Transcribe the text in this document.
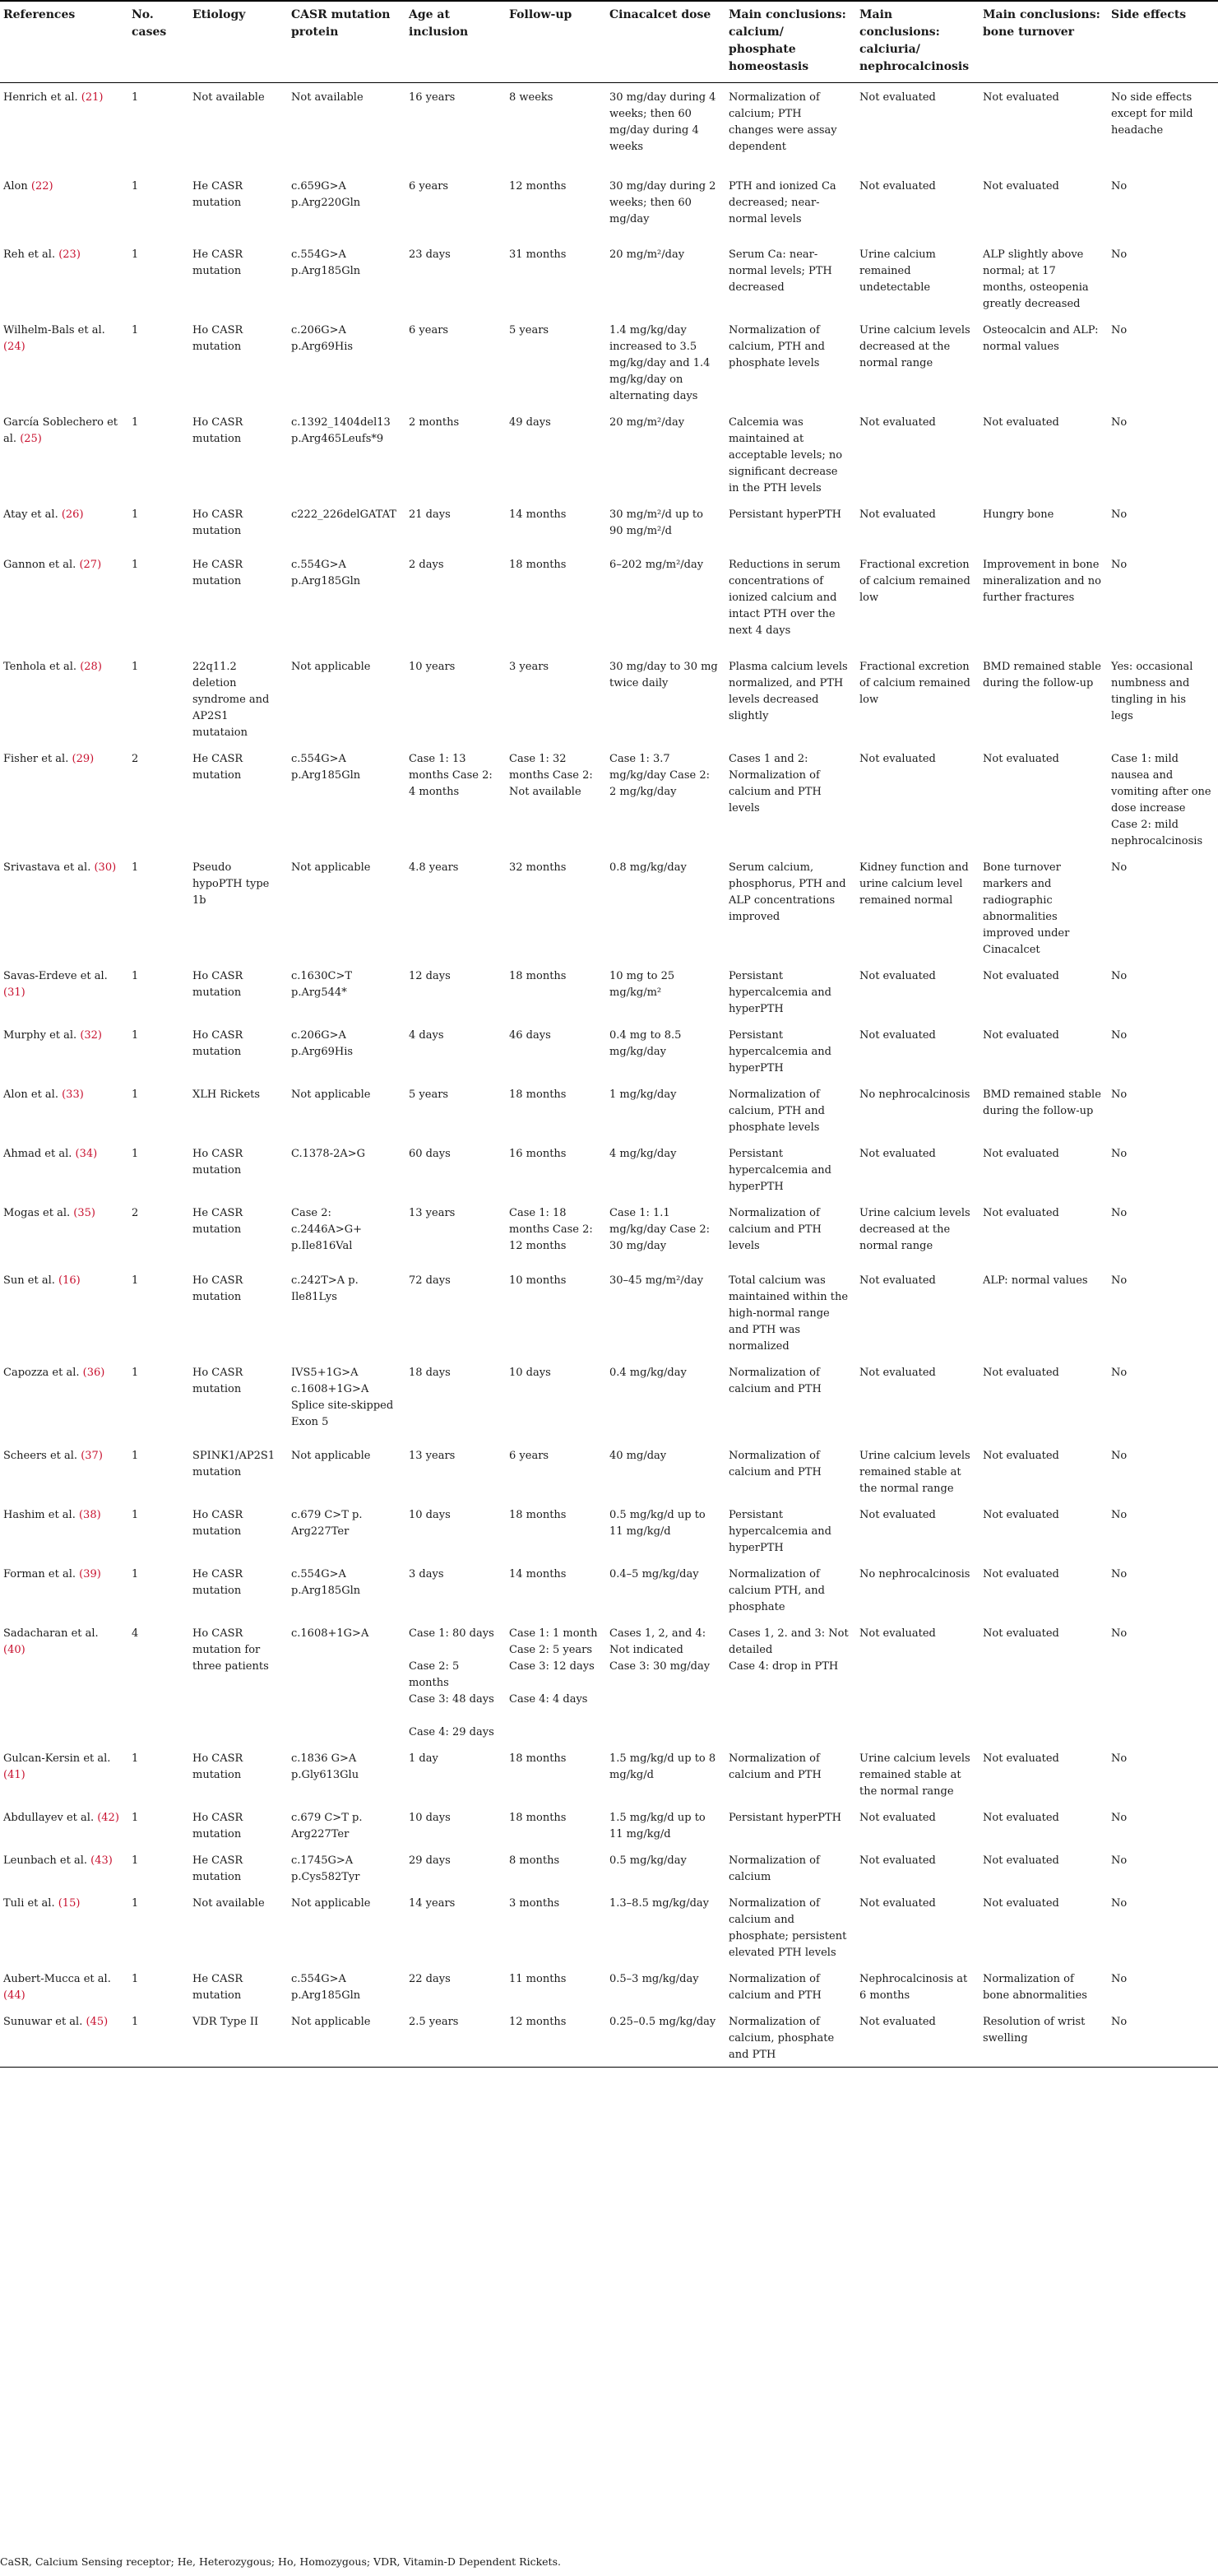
References	No. cases	Etiology	CASR mutation protein	Age at inclusion	Follow-up	Cinacalcet dose	Main conclusions: calcium/ phosphate homeostasis	Main conclusions: calciuria/ nephrocalcinosis	Main conclusions: bone turnover	Side effects
Henrich et al. (21)	1	Not available	Not available	16 years	8 weeks	30 mg/day during 4 weeks; then 60 mg/day during 4 weeks	Normalization of calcium; PTH changes were assay dependent	Not evaluated	Not evaluated	No side effects except for mild headache
Alon (22)	1	He CASR mutation	c.659G>A p.Arg220Gln	6 years	12 months	30 mg/day during 2 weeks; then 60 mg/day	PTH and ionized Ca decreased; near-normal levels	Not evaluated	Not evaluated	No
Reh et al. (23)	1	He CASR mutation	c.554G>A p.Arg185Gln	23 days	31 months	20 mg/m²/day	Serum Ca: near-normal levels; PTH decreased	Urine calcium remained undetectable	ALP slightly above normal; at 17 months, osteopenia greatly decreased	No
Wilhelm-Bals et al. (24)	1	Ho CASR mutation	c.206G>A p.Arg69His	6 years	5 years	1.4 mg/kg/day increased to 3.5 mg/kg/day and 1.4 mg/kg/day on alternating days	Normalization of calcium, PTH and phosphate levels	Urine calcium levels decreased at the normal range	Osteocalcin and ALP: normal values	No
García Soblechero et al. (25)	1	Ho CASR mutation	c.1392_1404del13 p.Arg465Leufs*9	2 months	49 days	20 mg/m²/day	Calcemia was maintained at acceptable levels; no significant decrease in the PTH levels	Not evaluated	Not evaluated	No
Atay et al. (26)	1	Ho CASR mutation	c222_226delGATAT	21 days	14 months	30 mg/m²/d up to 90 mg/m²/d	Persistant hyperPTH	Not evaluated	Hungry bone	No
Gannon et al. (27)	1	He CASR mutation	c.554G>A p.Arg185Gln	2 days	18 months	6–202 mg/m²/day	Reductions in serum concentrations of ionized calcium and intact PTH over the next 4 days	Fractional excretion of calcium remained low	Improvement in bone mineralization and no further fractures	No
Tenhola et al. (28)	1	22q11.2 deletion syndrome and AP2S1 mutataion	Not applicable	10 years	3 years	30 mg/day to 30 mg twice daily	Plasma calcium levels normalized, and PTH levels decreased slightly	Fractional excretion of calcium remained low	BMD remained stable during the follow-up	Yes: occasional numbness and tingling in his legs
Fisher et al. (29)	2	He CASR mutation	c.554G>A p.Arg185Gln	Case 1: 13 months Case 2: 4 months	Case 1: 32 months Case 2: Not available	Case 1: 3.7 mg/kg/day Case 2: 2 mg/kg/day	Cases 1 and 2: Normalization of calcium and PTH levels	Not evaluated	Not evaluated	Case 1: mild nausea and vomiting after one dose increase Case 2: mild nephrocalcinosis
Srivastava et al. (30)	1	Pseudo hypoPTH type 1b	Not applicable	4.8 years	32 months	0.8 mg/kg/day	Serum calcium, phosphorus, PTH and ALP concentrations improved	Kidney function and urine calcium level remained normal	Bone turnover markers and radiographic abnormalities improved under Cinacalcet	No
Savas-Erdeve et al. (31)	1	Ho CASR mutation	c.1630C>T p.Arg544*	12 days	18 months	10 mg to 25 mg/kg/m²	Persistant hypercalcemia and hyperPTH	Not evaluated	Not evaluated	No
Murphy et al. (32)	1	Ho CASR mutation	c.206G>A p.Arg69His	4 days	46 days	0.4 mg to 8.5 mg/kg/day	Persistant hypercalcemia and hyperPTH	Not evaluated	Not evaluated	No
Alon et al. (33)	1	XLH Rickets	Not applicable	5 years	18 months	1 mg/kg/day	Normalization of calcium, PTH and phosphate levels	No nephrocalcinosis	BMD remained stable during the follow-up	No
Ahmad et al. (34)	1	Ho CASR mutation	C.1378-2A>G	60 days	16 months	4 mg/kg/day	Persistant hypercalcemia and hyperPTH	Not evaluated	Not evaluated	No
Mogas et al. (35)	2	He CASR mutation	Case 2: c.2446A>G+ p.Ile816Val	13 years	Case 1: 18 months Case 2: 12 months	Case 1: 1.1 mg/kg/day Case 2: 30 mg/day	Normalization of calcium and PTH levels	Urine calcium levels decreased at the normal range	Not evaluated	No
Sun et al. (16)	1	Ho CASR mutation	c.242T>A p. Ile81Lys	72 days	10 months	30–45 mg/m²/day	Total calcium was maintained within the high-normal range and PTH was normalized	Not evaluated	ALP: normal values	No
Capozza et al. (36)	1	Ho CASR mutation	IVS5+1G>A c.1608+1G>A Splice site-skipped Exon 5	18 days	10 days	0.4 mg/kg/day	Normalization of calcium and PTH	Not evaluated	Not evaluated	No
Scheers et al. (37)	1	SPINK1/AP2S1 mutation	Not applicable	13 years	6 years	40 mg/day	Normalization of calcium and PTH	Urine calcium levels remained stable at the normal range	Not evaluated	No
Hashim et al. (38)	1	Ho CASR mutation	c.679 C>T p. Arg227Ter	10 days	18 months	0.5 mg/kg/d up to 11 mg/kg/d	Persistant hypercalcemia and hyperPTH	Not evaluated	Not evaluated	No
Forman et al. (39)	1	He CASR mutation	c.554G>A p.Arg185Gln	3 days	14 months	0.4–5 mg/kg/day	Normalization of calcium PTH, and phosphate	No nephrocalcinosis	Not evaluated	No
Sadacharan et al. (40)	4	Ho CASR mutation for three patients	c.1608+1G>A	Case 1: 80 days

Case 2: 5 months
Case 3: 48 days

Case 4: 29 days	Case 1: 1 month
Case 2: 5 years
Case 3: 12 days

Case 4: 4 days	Cases 1, 2, and 4: Not indicated
Case 3: 30 mg/day	Cases 1, 2. and 3: Not detailed
Case 4: drop in PTH	Not evaluated	Not evaluated	No
Gulcan-Kersin et al. (41)	1	Ho CASR mutation	c.1836 G>A p.Gly613Glu	1 day	18 months	1.5 mg/kg/d up to 8 mg/kg/d	Normalization of calcium and PTH	Urine calcium levels remained stable at the normal range	Not evaluated	No
Abdullayev et al. (42)	1	Ho CASR mutation	c.679 C>T p. Arg227Ter	10 days	18 months	1.5 mg/kg/d up to 11 mg/kg/d	Persistant hyperPTH	Not evaluated	Not evaluated	No
Leunbach et al. (43)	1	He CASR mutation	c.1745G>A p.Cys582Tyr	29 days	8 months	0.5 mg/kg/day	Normalization of calcium	Not evaluated	Not evaluated	No
Tuli et al. (15)	1	Not available	Not applicable	14 years	3 months	1.3–8.5 mg/kg/day	Normalization of calcium and phosphate; persistent elevated PTH levels	Not evaluated	Not evaluated	No
Aubert-Mucca et al. (44)	1	He CASR mutation	c.554G>A p.Arg185Gln	22 days	11 months	0.5–3 mg/kg/day	Normalization of calcium and PTH	Nephrocalcinosis at 6 months	Normalization of bone abnormalities	No
Sunuwar et al. (45)	1	VDR Type II	Not applicable	2.5 years	12 months	0.25–0.5 mg/kg/day	Normalization of calcium, phosphate and PTH	Not evaluated	Resolution of wrist swelling	No
CaSR, Calcium Sensing receptor; He, Heterozygous; Ho, Homozygous; VDR, Vitamin-D Dependent Rickets.
